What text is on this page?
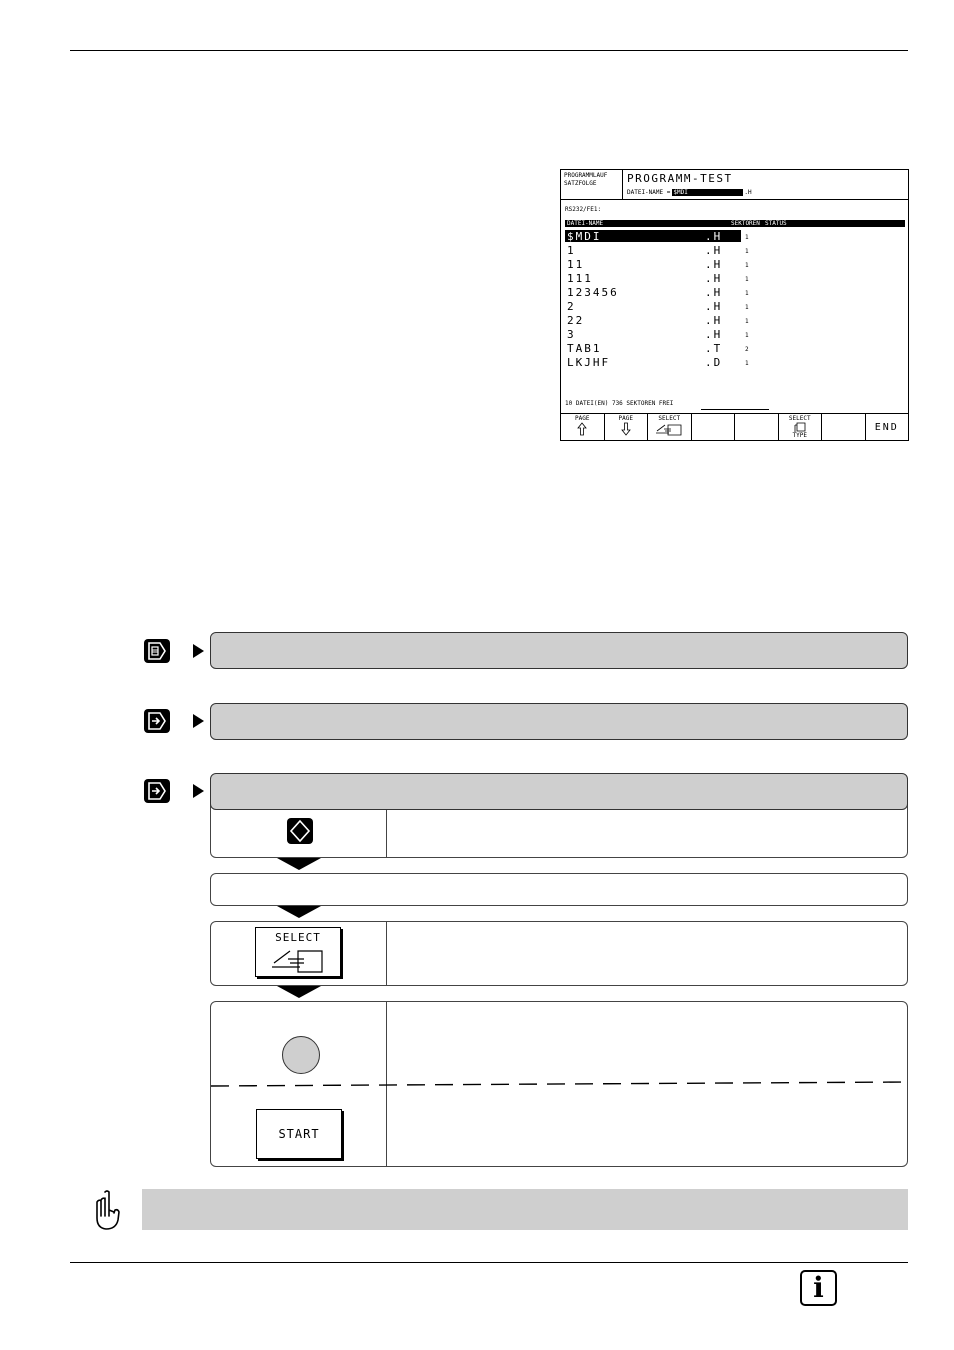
PROGRAMMLAUF
SATZFOLGE	PROGRAMM-TEST
DATEI-NAME = $MDI	.H
RS232/FE1:
DATEI-NAME	SEKTOREN STATUS
$MDI	.H	1
1	.H	1
11	.H	1
111	.H	1
123456	.H	1
2	.H	1
22	.H	1
3	.H	1
TAB1	.T	2
LKJHF	.D	1
10 DATEI(EN) 736 SEKTOREN FREI
PAGE	PAGE	SELECT	SELECT
TYPE
END
SELECT
START
i
